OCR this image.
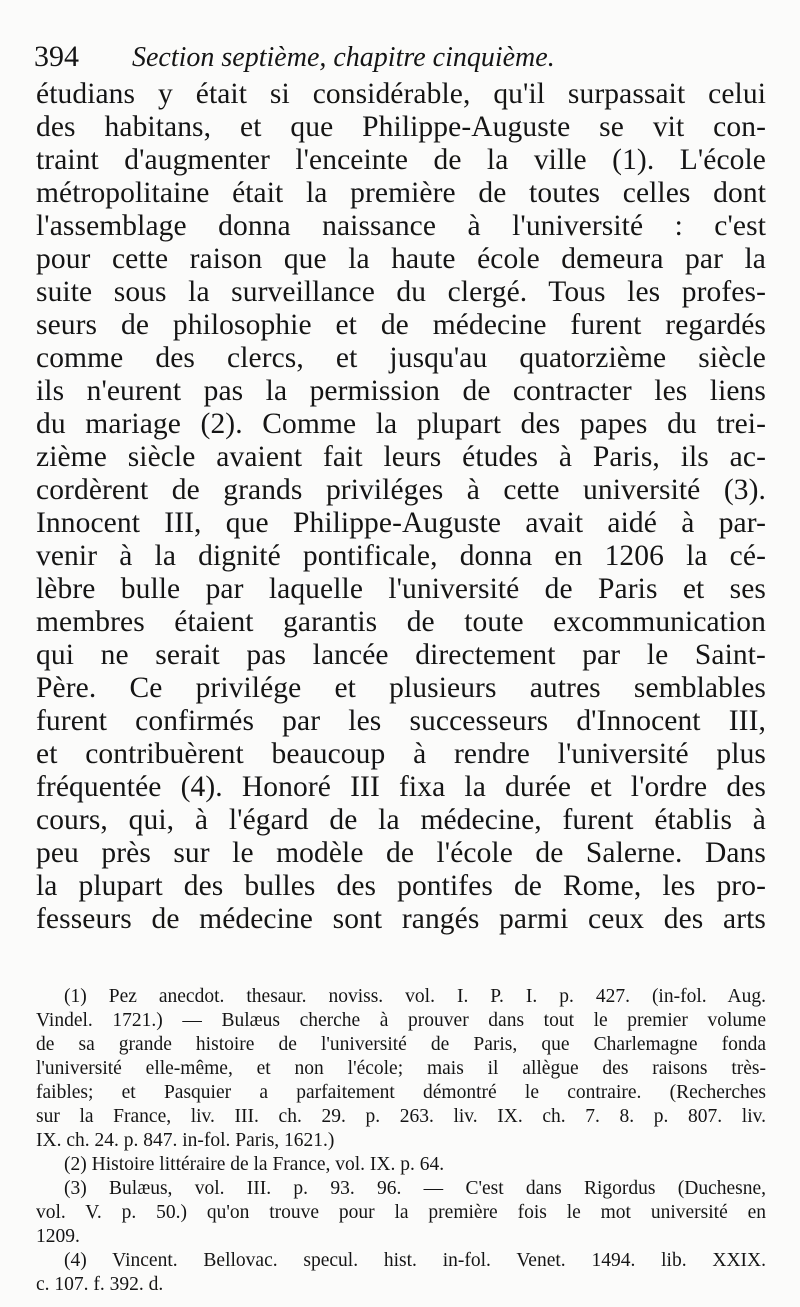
394 Section septième, chapitre cinquième.
étudians y était si considérable, qu'il surpassait celui
des habitans, et que Philippe-Auguste se vit con-
traint d'augmenter l'enceinte de la ville (1). L'école
métropolitaine était la première de toutes celles dont
l'assemblage donna naissance à l'université : c'est
pour cette raison que la haute école demeura par la
suite sous la surveillance du clergé. Tous les profes-
seurs de philosophie et de médecine furent regardés
comme des clercs, et jusqu'au quatorzième siècle
ils n'eurent pas la permission de contracter les liens
du mariage (2). Comme la plupart des papes du trei-
zième siècle avaient fait leurs études à Paris, ils ac-
cordèrent de grands priviléges à cette université (3).
Innocent III, que Philippe-Auguste avait aidé à par-
venir à la dignité pontificale, donna en 1206 la cé-
lèbre bulle par laquelle l'université de Paris et ses
membres étaient garantis de toute excommunication
qui ne serait pas lancée directement par le Saint-
Père. Ce privilége et plusieurs autres semblables
furent confirmés par les successeurs d'Innocent III,
et contribuèrent beaucoup à rendre l'université plus
fréquentée (4). Honoré III fixa la durée et l'ordre des
cours, qui, à l'égard de la médecine, furent établis à
peu près sur le modèle de l'école de Salerne. Dans
la plupart des bulles des pontifes de Rome, les pro-
fesseurs de médecine sont rangés parmi ceux des arts
(1) Pez anecdot. thesaur. noviss. vol. I. P. I. p. 427. (in-fol. Aug.
Vindel. 1721.) — Bulæus cherche à prouver dans tout le premier volume
de sa grande histoire de l'université de Paris, que Charlemagne fonda
l'université elle-même, et non l'école; mais il allègue des raisons très-
faibles; et Pasquier a parfaitement démontré le contraire. (Recherches
sur la France, liv. III. ch. 29. p. 263. liv. IX. ch. 7. 8. p. 807. liv.
IX. ch. 24. p. 847. in-fol. Paris, 1621.)
(2) Histoire littéraire de la France, vol. IX. p. 64.
(3) Bulæus, vol. III. p. 93. 96. — C'est dans Rigordus (Duchesne,
vol. V. p. 50.) qu'on trouve pour la première fois le mot université en
1209.
(4) Vincent. Bellovac. specul. hist. in-fol. Venet. 1494. lib. XXIX.
c. 107. f. 392. d.
